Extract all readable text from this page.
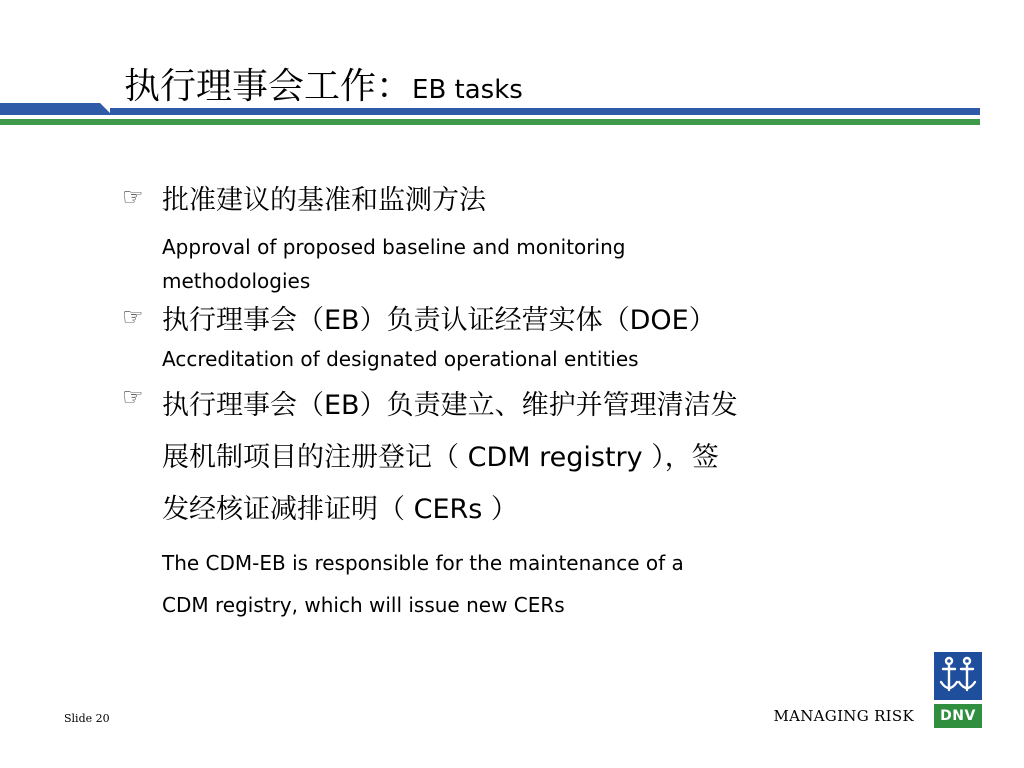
执行理事会工作：EB tasks
☞ 批准建议的基准和监测方法
Approval of proposed baseline and monitoring
methodologies
☞ 执行理事会（EB）负责认证经营实体（DOE）
Accreditation of designated operational entities
☞ 执行理事会（EB）负责建立、维护并管理清洁发
展机制项目的注册登记（ CDM registry ），签
发经核证减排证明（ CERs ）
The CDM-EB is responsible for the maintenance of a
CDM registry, which will issue new CERs
Slide 20	MANAGING RISK	DNV
